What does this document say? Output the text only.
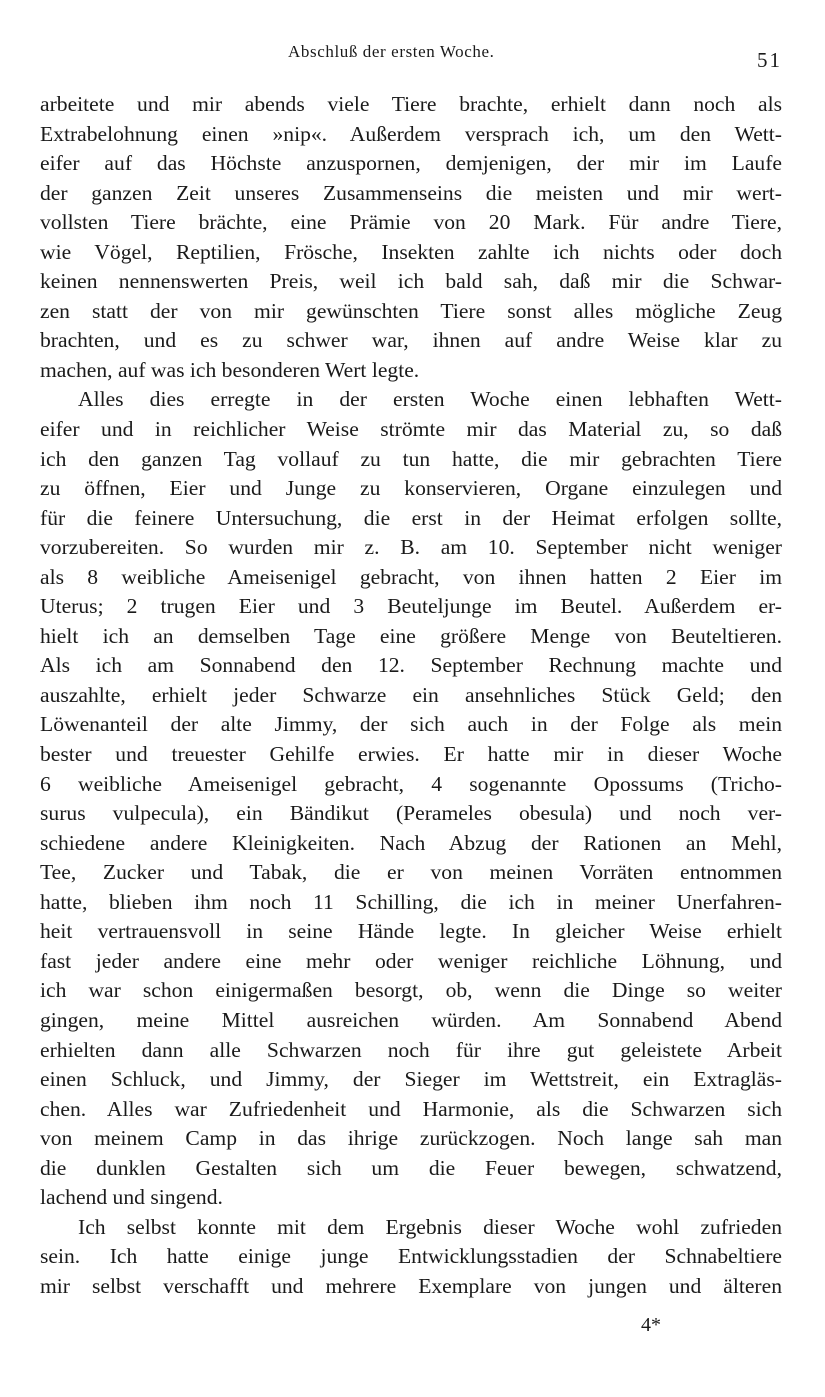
Abschluß der ersten Woche.	51
arbeitete und mir abends viele Tiere brachte, erhielt dann noch als
Extrabelohnung einen »nip«. Außerdem versprach ich, um den Wett-
eifer auf das Höchste anzuspornen, demjenigen, der mir im Laufe
der ganzen Zeit unseres Zusammenseins die meisten und mir wert-
vollsten Tiere brächte, eine Prämie von 20 Mark. Für andre Tiere,
wie Vögel, Reptilien, Frösche, Insekten zahlte ich nichts oder doch
keinen nennenswerten Preis, weil ich bald sah, daß mir die Schwar-
zen statt der von mir gewünschten Tiere sonst alles mögliche Zeug
brachten, und es zu schwer war, ihnen auf andre Weise klar zu
machen, auf was ich besonderen Wert legte.
Alles dies erregte in der ersten Woche einen lebhaften Wett-
eifer und in reichlicher Weise strömte mir das Material zu, so daß
ich den ganzen Tag vollauf zu tun hatte, die mir gebrachten Tiere
zu öffnen, Eier und Junge zu konservieren, Organe einzulegen und
für die feinere Untersuchung, die erst in der Heimat erfolgen sollte,
vorzubereiten. So wurden mir z. B. am 10. September nicht weniger
als 8 weibliche Ameisenigel gebracht, von ihnen hatten 2 Eier im
Uterus; 2 trugen Eier und 3 Beuteljunge im Beutel. Außerdem er-
hielt ich an demselben Tage eine größere Menge von Beuteltieren.
Als ich am Sonnabend den 12. September Rechnung machte und
auszahlte, erhielt jeder Schwarze ein ansehnliches Stück Geld; den
Löwenanteil der alte Jimmy, der sich auch in der Folge als mein
bester und treuester Gehilfe erwies. Er hatte mir in dieser Woche
6 weibliche Ameisenigel gebracht, 4 sogenannte Opossums (Tricho-
surus vulpecula), ein Bändikut (Perameles obesula) und noch ver-
schiedene andere Kleinigkeiten. Nach Abzug der Rationen an Mehl,
Tee, Zucker und Tabak, die er von meinen Vorräten entnommen
hatte, blieben ihm noch 11 Schilling, die ich in meiner Unerfahren-
heit vertrauensvoll in seine Hände legte. In gleicher Weise erhielt
fast jeder andere eine mehr oder weniger reichliche Löhnung, und
ich war schon einigermaßen besorgt, ob, wenn die Dinge so weiter
gingen, meine Mittel ausreichen würden. Am Sonnabend Abend
erhielten dann alle Schwarzen noch für ihre gut geleistete Arbeit
einen Schluck, und Jimmy, der Sieger im Wettstreit, ein Extragläs-
chen. Alles war Zufriedenheit und Harmonie, als die Schwarzen sich
von meinem Camp in das ihrige zurückzogen. Noch lange sah man
die dunklen Gestalten sich um die Feuer bewegen, schwatzend,
lachend und singend.
Ich selbst konnte mit dem Ergebnis dieser Woche wohl zufrieden
sein. Ich hatte einige junge Entwicklungsstadien der Schnabeltiere
mir selbst verschafft und mehrere Exemplare von jungen und älteren
4*
